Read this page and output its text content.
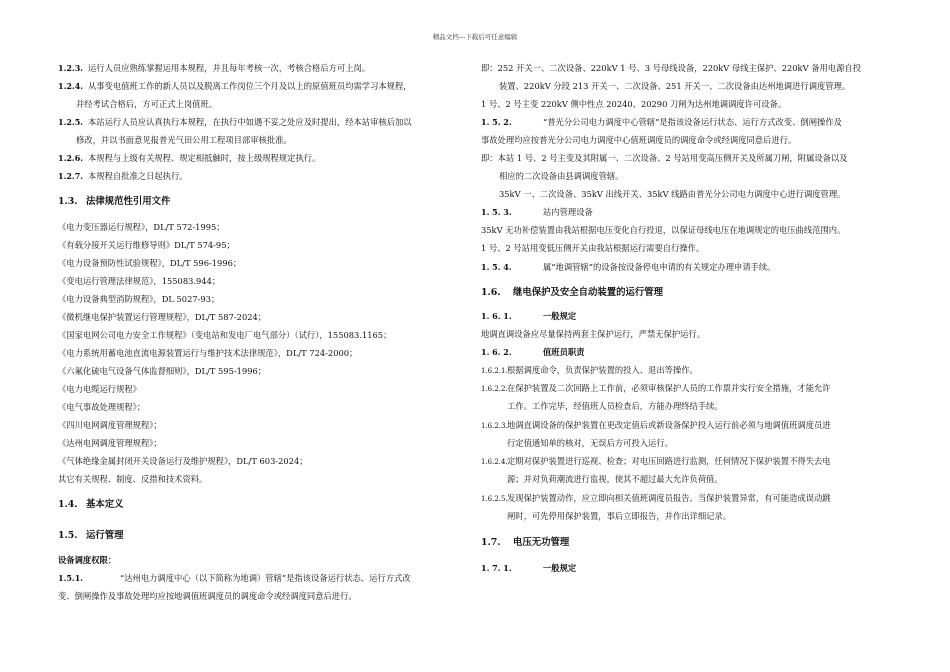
精品文档---下载后可任意编辑
1.2.3. 运行人员应熟练掌握运用本规程，并且每年考核一次，考核合格后方可上岗。
1.2.4. 从事变电值班工作的新人员以及脱离工作岗位三个月及以上的原值班员均需学习本规程，
并经考试合格后，方可正式上岗值班。
1.2.5. 本站运行人员应认真执行本规程，在执行中如遇不妥之处应及时提出，经本站审核后加以
修改，并以书面意见报普光气田公用工程项目部审核批准。
1.2.6. 本规程与上级有关规程、规定相抵触时，按上级规程规定执行。
1.2.7. 本规程自批准之日起执行。
1.3. 法律规范性引用文件
《电力变压器运行规程》，DL/T 572-1995；
《有载分接开关运行维修导则》DL/T 574-95；
《电力设备预防性试验规程》，DL/T 596-1996；
《变电运行管理法律规范》，155083.944；
《电力设备典型消防规程》，DL 5027-93；
《微机继电保护装置运行管理规程》，DL/T 587-2024；
《国家电网公司电力安全工作规程》（变电站和发电厂电气部分）（试行），155083.1165；
《电力系统用蓄电池直流电源装置运行与维护技术法律规范》，DL/T 724-2000；
《六氟化硫电气设备气体监督细则》，DL/T 595-1996；
《电力电缆运行规程》
《电气事故处理规程》；
《四川电网调度管理规程》；
《达州电网调度管理规程》；
《气体绝缘金属封闭开关设备运行及维护规程》，DL/T 603-2024；
其它有关规程、制度、反措和技术资料。
1.4. 基本定义
1.5. 运行管理
设备调度权限：
1.5.1.	“达州电力调度中心（以下简称为地调）管辖”是指该设备运行状态、运行方式改
变、倒闸操作及事故处理均应按地调值班调度员的调度命令或经调度同意后进行。
即：252 开关一、二次设备、220kV 1 号、3 号母线设备，220kV 母线主保护、220kV 备用电源自投
装置、220kV 分段 213 开关一、二次设备、251 开关一、二次设备由达州地调进行调度管理。
1 号、2 号主变 220kV 侧中性点 20240、20290 刀闸为达州地调调度许可设备。
1. 5. 2.	“普光分公司电力调度中心管辖”是指该设备运行状态、运行方式改变、倒闸操作及
事故处理均应按普光分公司电力调度中心值班调度员的调度命令或经调度同意后进行。
即：本站 1 号、2 号主变及其附属一、二次设备、2 号站用变高压侧开关及所属刀闸，附属设备以及
相应的二次设备由县调调度管辖。
35kV 一、二次设备、35kV 出线开关、35kV 线路由普光分公司电力调度中心进行调度管理。
1. 5. 3.	站内管理设备
35kV 无功补偿装置由我站根据电压变化自行投退，以保证母线电压在地调规定的电压曲线范围内。
1 号、2 号站用变低压侧开关由我站根据运行需要自行操作。
1. 5. 4.	属“地调管辖”的设备按设备停电申请的有关规定办理申请手续。
1.6. 继电保护及安全自动装置的运行管理
1. 6. 1.	一般规定
地调直调设备应尽量保持两套主保护运行，严禁无保护运行。
1. 6. 2.	值班员职责
1.6.2.1.根据调度命令，负责保护装置的投入、退出等操作。
1.6.2.2.在保护装置及二次回路上工作前，必须审核保护人员的工作票并实行安全措施，才能允许
工作。工作完毕，经值班人员检查后，方能办理终结手续。
1.6.2.3.地调直调设备的保护装置在更改定值后或新设备保护投入运行前必须与地调值班调度员进
行定值通知单的核对，无误后方可投入运行。
1.6.2.4.定期对保护装置进行巡视、检查；对电压回路进行监测，任何情况下保护装置不得失去电
源；并对负荷潮流进行监视，使其不超过最大允许负荷值。
1.6.2.5.发现保护装置动作，应立即向相关值班调度员报告。当保护装置异常，有可能造成误动跳
闸时，可先停用保护装置，事后立即报告，并作出详细记录。
1.7. 电压无功管理
1. 7. 1.	一般规定
